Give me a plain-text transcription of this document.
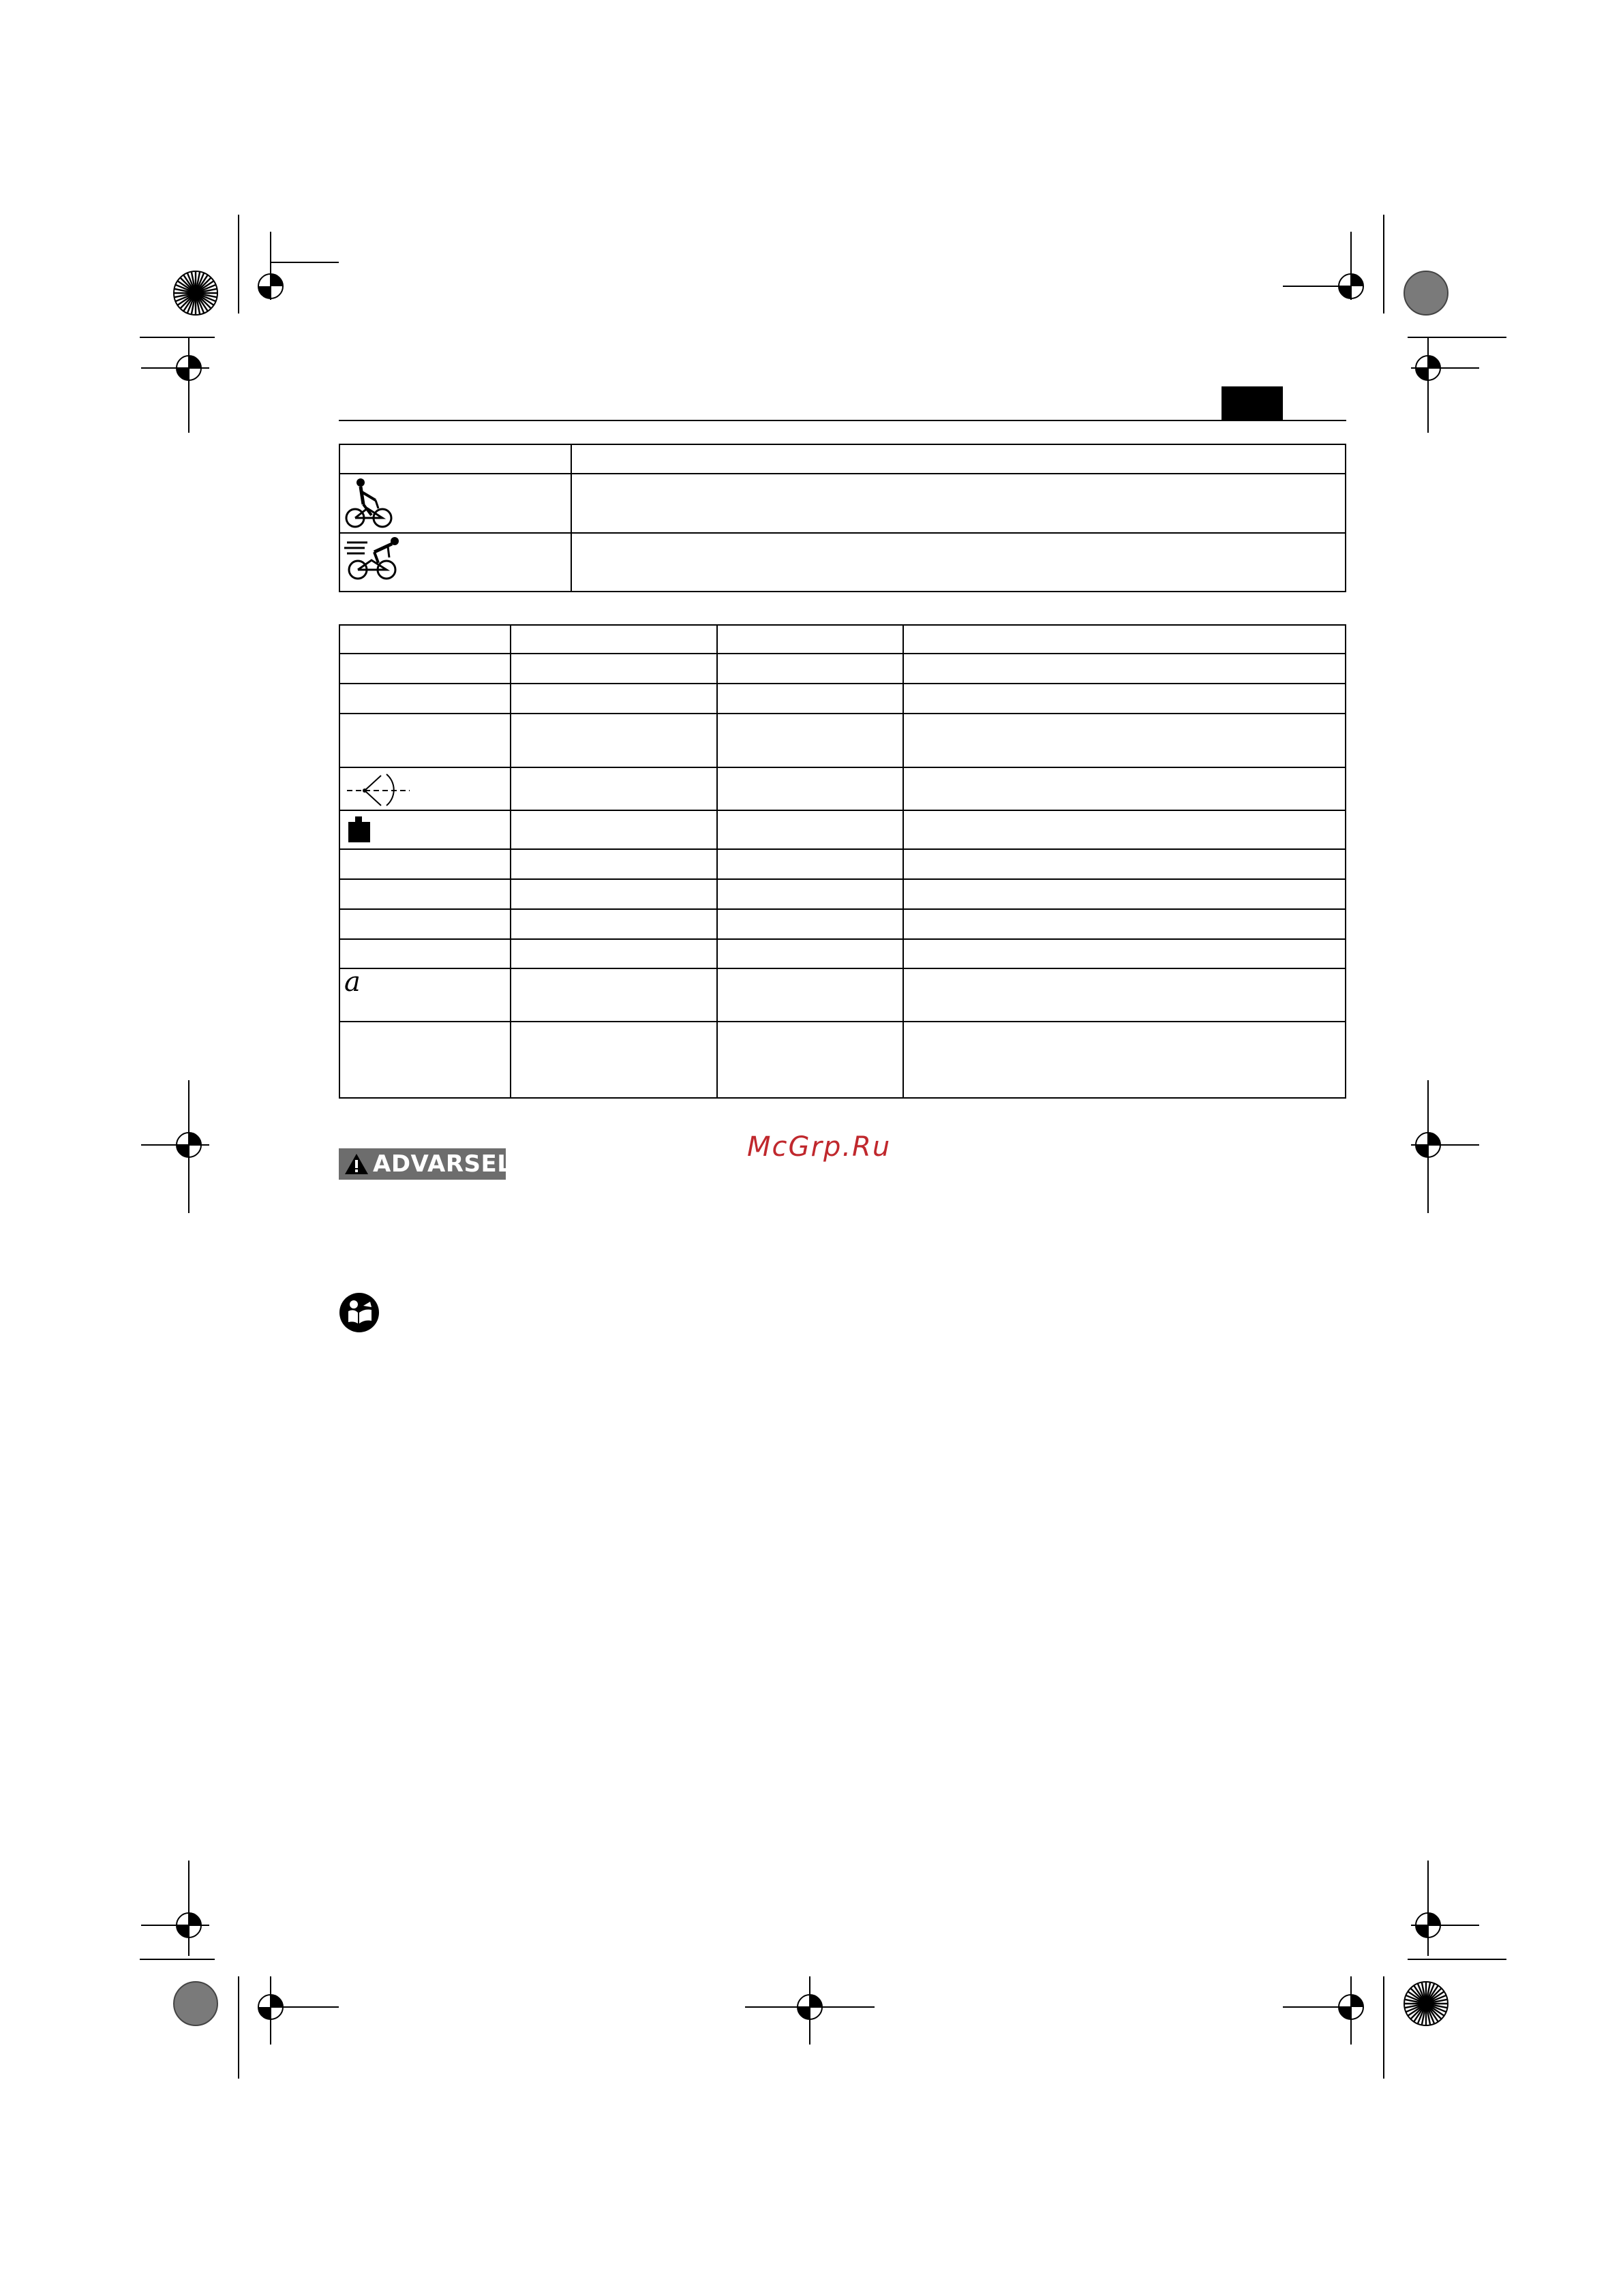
a
McGrp.Ru
ADVARSEL
